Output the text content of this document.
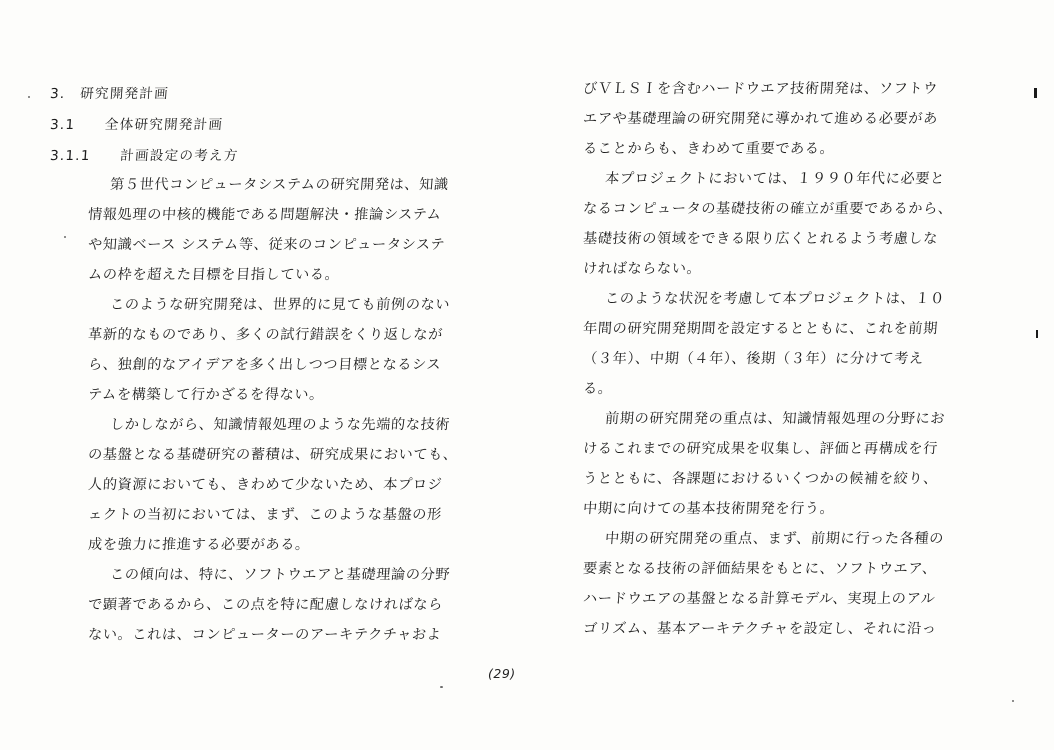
3.　研究開発計画
3.1　　全体研究開発計画
3.1.1　　計画設定の考え方
第５世代コンピュータシステムの研究開発は、知識
情報処理の中核的機能である問題解決・推論システム
や知識ベース システム等、従来のコンピュータシステ
ムの枠を超えた目標を目指している。
このような研究開発は、世界的に見ても前例のない
革新的なものであり、多くの試行錯誤をくり返しなが
ら、独創的なアイデアを多く出しつつ目標となるシス
テムを構築して行かざるを得ない。
しかしながら、知識情報処理のような先端的な技術
の基盤となる基礎研究の蓄積は、研究成果においても、
人的資源においても、きわめて少ないため、本プロジ
ェクトの当初においては、まず、このような基盤の形
成を強力に推進する必要がある。
この傾向は、特に、ソフトウエアと基礎理論の分野
で顕著であるから、この点を特に配慮しなければなら
ない。これは、コンピューターのアーキテクチャおよ
びＶＬＳＩを含むハードウエア技術開発は、ソフトウ
エアや基礎理論の研究開発に導かれて進める必要があ
ることからも、きわめて重要である。
本プロジェクトにおいては、１９９０年代に必要と
なるコンピュータの基礎技術の確立が重要であるから、
基礎技術の領域をできる限り広くとれるよう考慮しな
ければならない。
このような状況を考慮して本プロジェクトは、１０
年間の研究開発期間を設定するとともに、これを前期
（３年）、中期（４年）、後期（３年）に分けて考え
る。
前期の研究開発の重点は、知識情報処理の分野にお
けるこれまでの研究成果を収集し、評価と再構成を行
うとともに、各課題におけるいくつかの候補を絞り、
中期に向けての基本技術開発を行う。
中期の研究開発の重点、まず、前期に行った各種の
要素となる技術の評価結果をもとに、ソフトウエア、
ハードウエアの基盤となる計算モデル、実現上のアル
ゴリズム、基本アーキテクチャを設定し、それに沿っ
(29)
